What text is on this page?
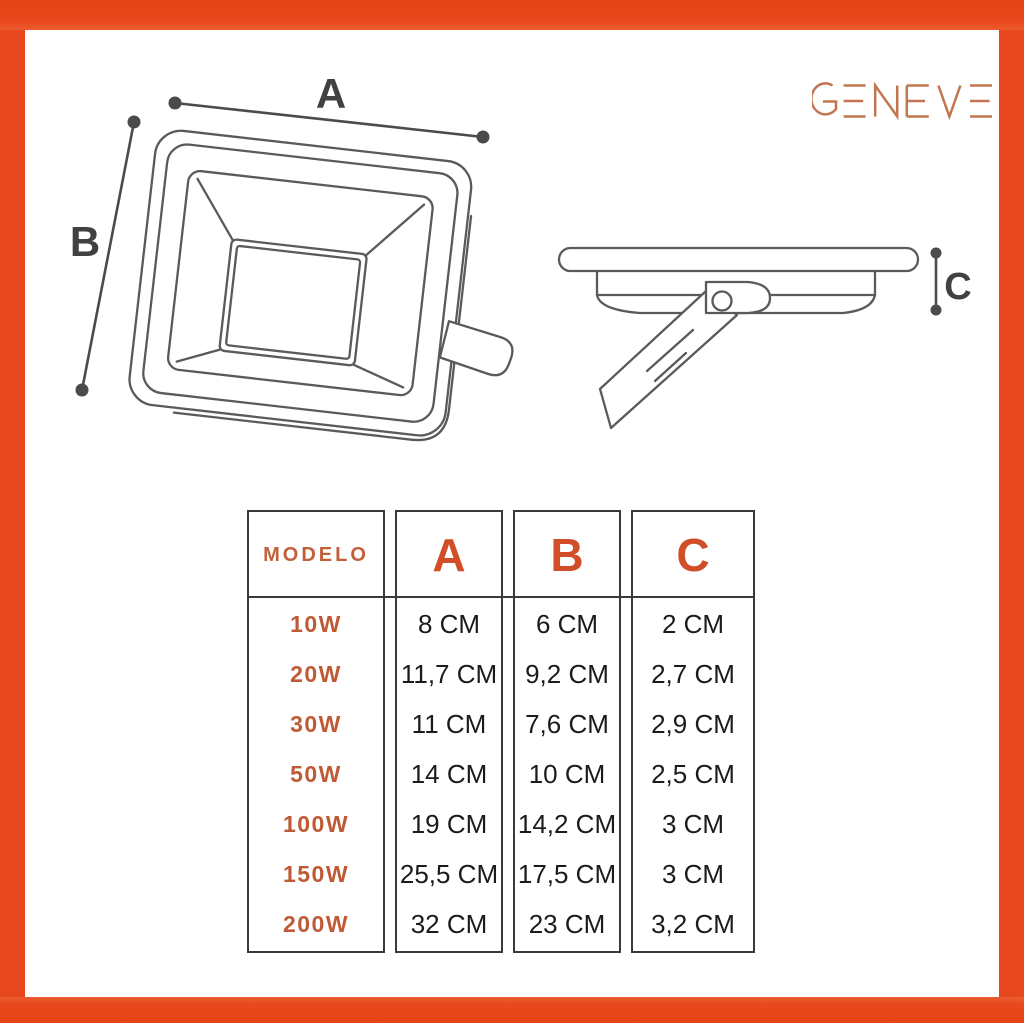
A
B
C
MODELO
10W
20W
30W
50W
100W
150W
200W
A
8 CM
11,7 CM
11 CM
14 CM
19 CM
25,5 CM
32 CM
B
6 CM
9,2 CM
7,6 CM
10 CM
14,2 CM
17,5 CM
23 CM
C
2 CM
2,7 CM
2,9 CM
2,5 CM
3 CM
3 CM
3,2 CM
